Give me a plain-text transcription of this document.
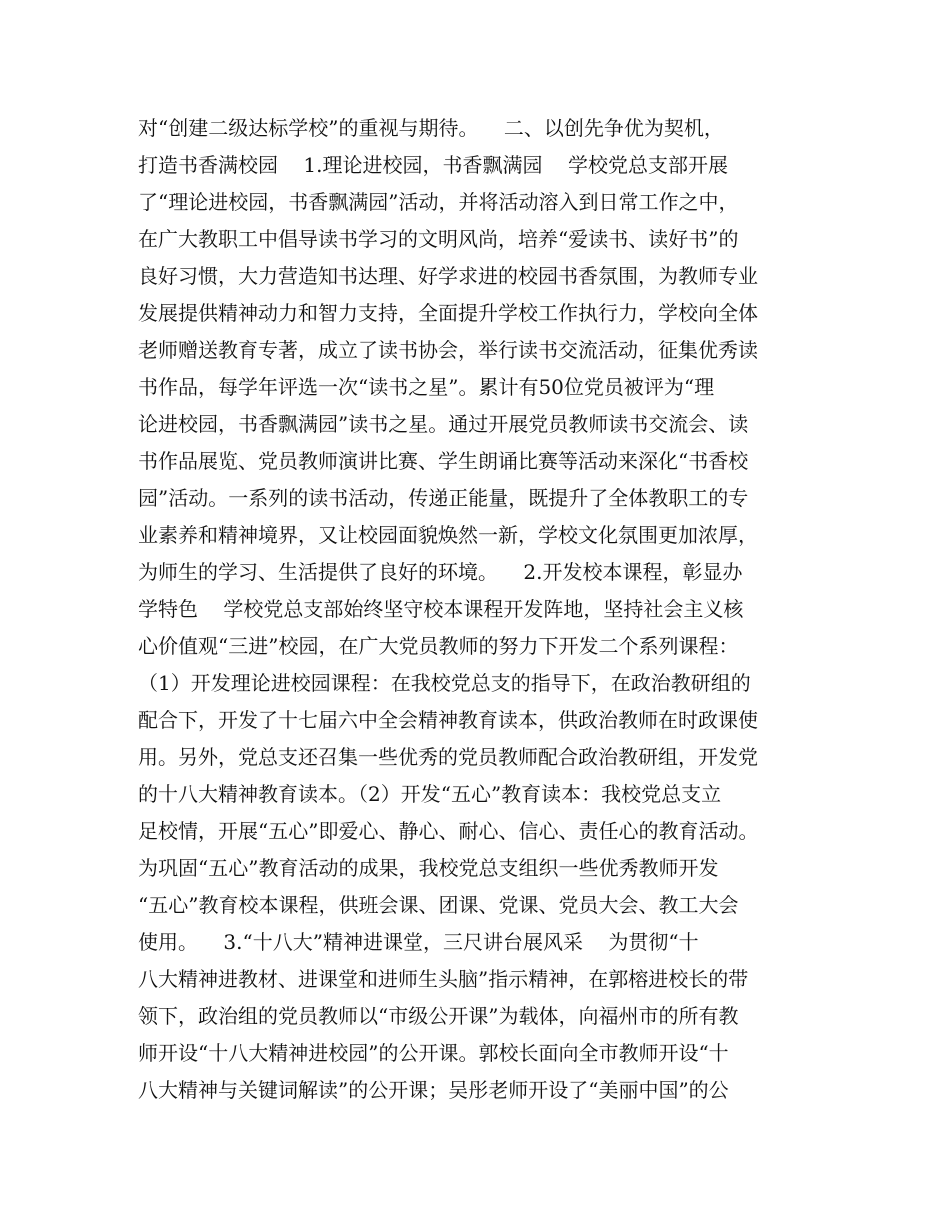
对“创建二级达标学校”的重视与期待。    二、以创先争优为契机，
打造书香满校园    1.理论进校园，书香飘满园    学校党总支部开展
了“理论进校园，书香飘满园”活动，并将活动溶入到日常工作之中，
在广大教职工中倡导读书学习的文明风尚，培养“爱读书、读好书”的
良好习惯，大力营造知书达理、好学求进的校园书香氛围，为教师专业
发展提供精神动力和智力支持，全面提升学校工作执行力，学校向全体
老师赠送教育专著，成立了读书协会，举行读书交流活动，征集优秀读
书作品，每学年评选一次“读书之星”。累计有50位党员被评为“理
论进校园，书香飘满园”读书之星。通过开展党员教师读书交流会、读
书作品展览、党员教师演讲比赛、学生朗诵比赛等活动来深化“书香校
园”活动。一系列的读书活动，传递正能量，既提升了全体教职工的专
业素养和精神境界，又让校园面貌焕然一新，学校文化氛围更加浓厚，
为师生的学习、生活提供了良好的环境。    2.开发校本课程，彰显办
学特色    学校党总支部始终坚守校本课程开发阵地，坚持社会主义核
心价值观“三进”校园，在广大党员教师的努力下开发二个系列课程：
（1）开发理论进校园课程：在我校党总支的指导下，在政治教研组的
配合下，开发了十七届六中全会精神教育读本，供政治教师在时政课使
用。另外，党总支还召集一些优秀的党员教师配合政治教研组，开发党
的十八大精神教育读本。（2）开发“五心”教育读本：我校党总支立
足校情，开展“五心”即爱心、静心、耐心、信心、责任心的教育活动。
为巩固“五心”教育活动的成果，我校党总支组织一些优秀教师开发
“五心”教育校本课程，供班会课、团课、党课、党员大会、教工大会
使用。    3.“十八大”精神进课堂，三尺讲台展风采    为贯彻“十
八大精神进教材、进课堂和进师生头脑”指示精神，在郭榕进校长的带
领下，政治组的党员教师以“市级公开课”为载体，向福州市的所有教
师开设“十八大精神进校园”的公开课。郭校长面向全市教师开设“十
八大精神与关键词解读”的公开课；吴彤老师开设了“美丽中国”的公
